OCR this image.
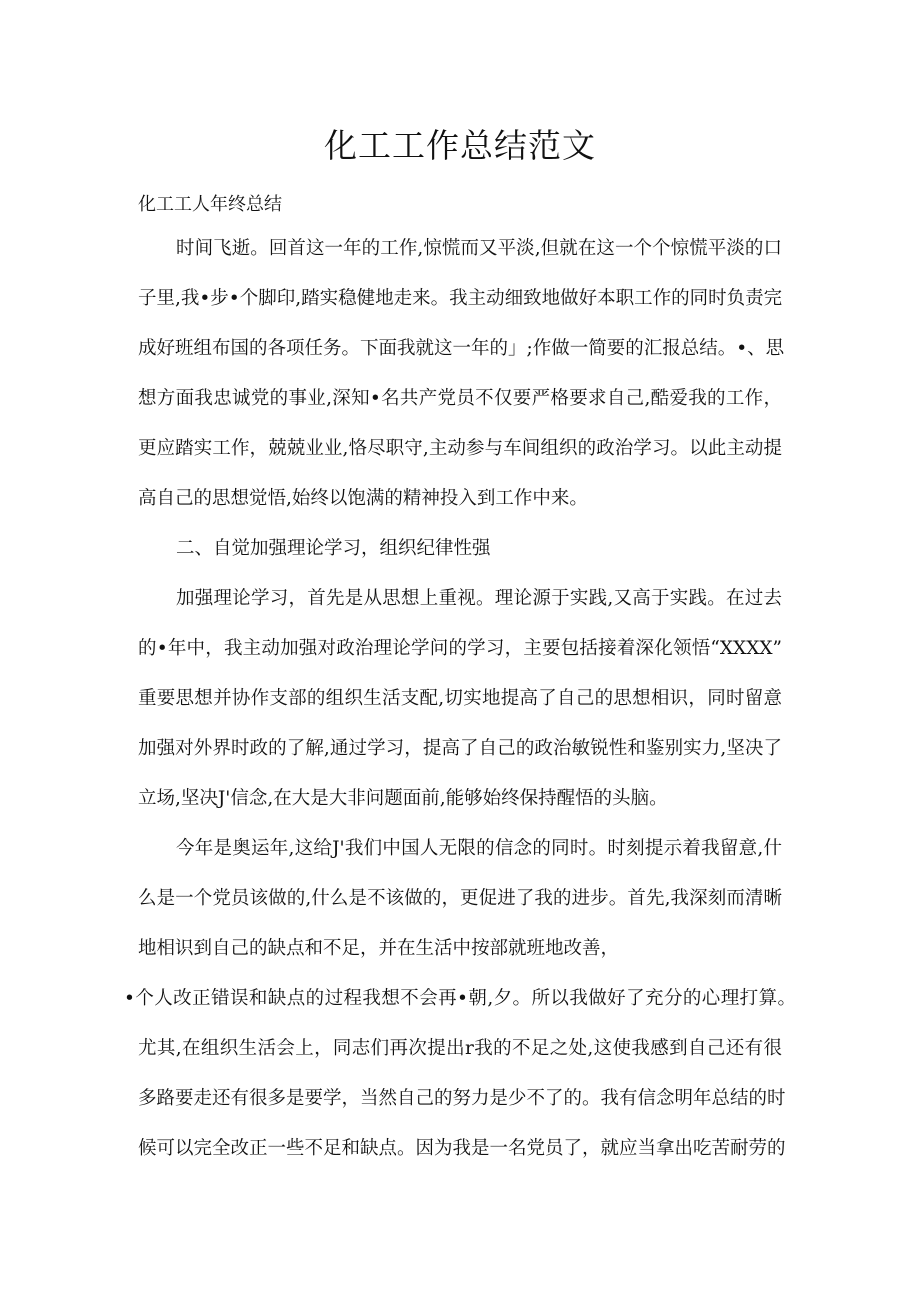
化工工作总结范文

化工工人年终总结

时间飞逝。回首这一年的工作,惊慌而又平淡,但就在这一个个惊慌平淡的口

子里,我•步•个脚印,踏实稳健地走来。我主动细致地做好本职工作的同时负责完

成好班组布国的各项任务。下面我就这一年的」;作做一简要的汇报总结。•、思

想方面我忠诚党的事业,深知•名共产党员不仅要严格要求自己,酷爱我的工作，

更应踏实工作，兢兢业业,恪尽职守,主动参与车间组织的政治学习。以此主动提

高自己的思想觉悟,始终以饱满的精神投入到工作中来。

二、自觉加强理论学习，组织纪律性强

加强理论学习，首先是从思想上重视。理论源于实践,又高于实践。在过去

的•年中，我主动加强对政治理论学问的学习，主要包括接着深化领悟“XXXX”

重要思想并协作支部的组织生活支配,切实地提高了自己的思想相识，同时留意

加强对外界时政的了解,通过学习，提高了自己的政治敏锐性和鉴别实力,坚决了

立场,坚决J'信念,在大是大非问题面前,能够始终保持醒悟的头脑。

今年是奥运年,这给J'我们中国人无限的信念的同时。时刻提示着我留意,什

么是一个党员该做的,什么是不该做的，更促进了我的进步。首先,我深刻而清晰

地相识到自己的缺点和不足，并在生活中按部就班地改善，

•个人改正错误和缺点的过程我想不会再•朝,夕。所以我做好了充分的心理打算。

尤其,在组织生活会上，同志们再次提出r我的不足之处,这使我感到自己还有很

多路要走还有很多是要学，当然自己的努力是少不了的。我有信念明年总结的时

候可以完全改正一些不足和缺点。因为我是一名党员了，就应当拿出吃苦耐劳的
